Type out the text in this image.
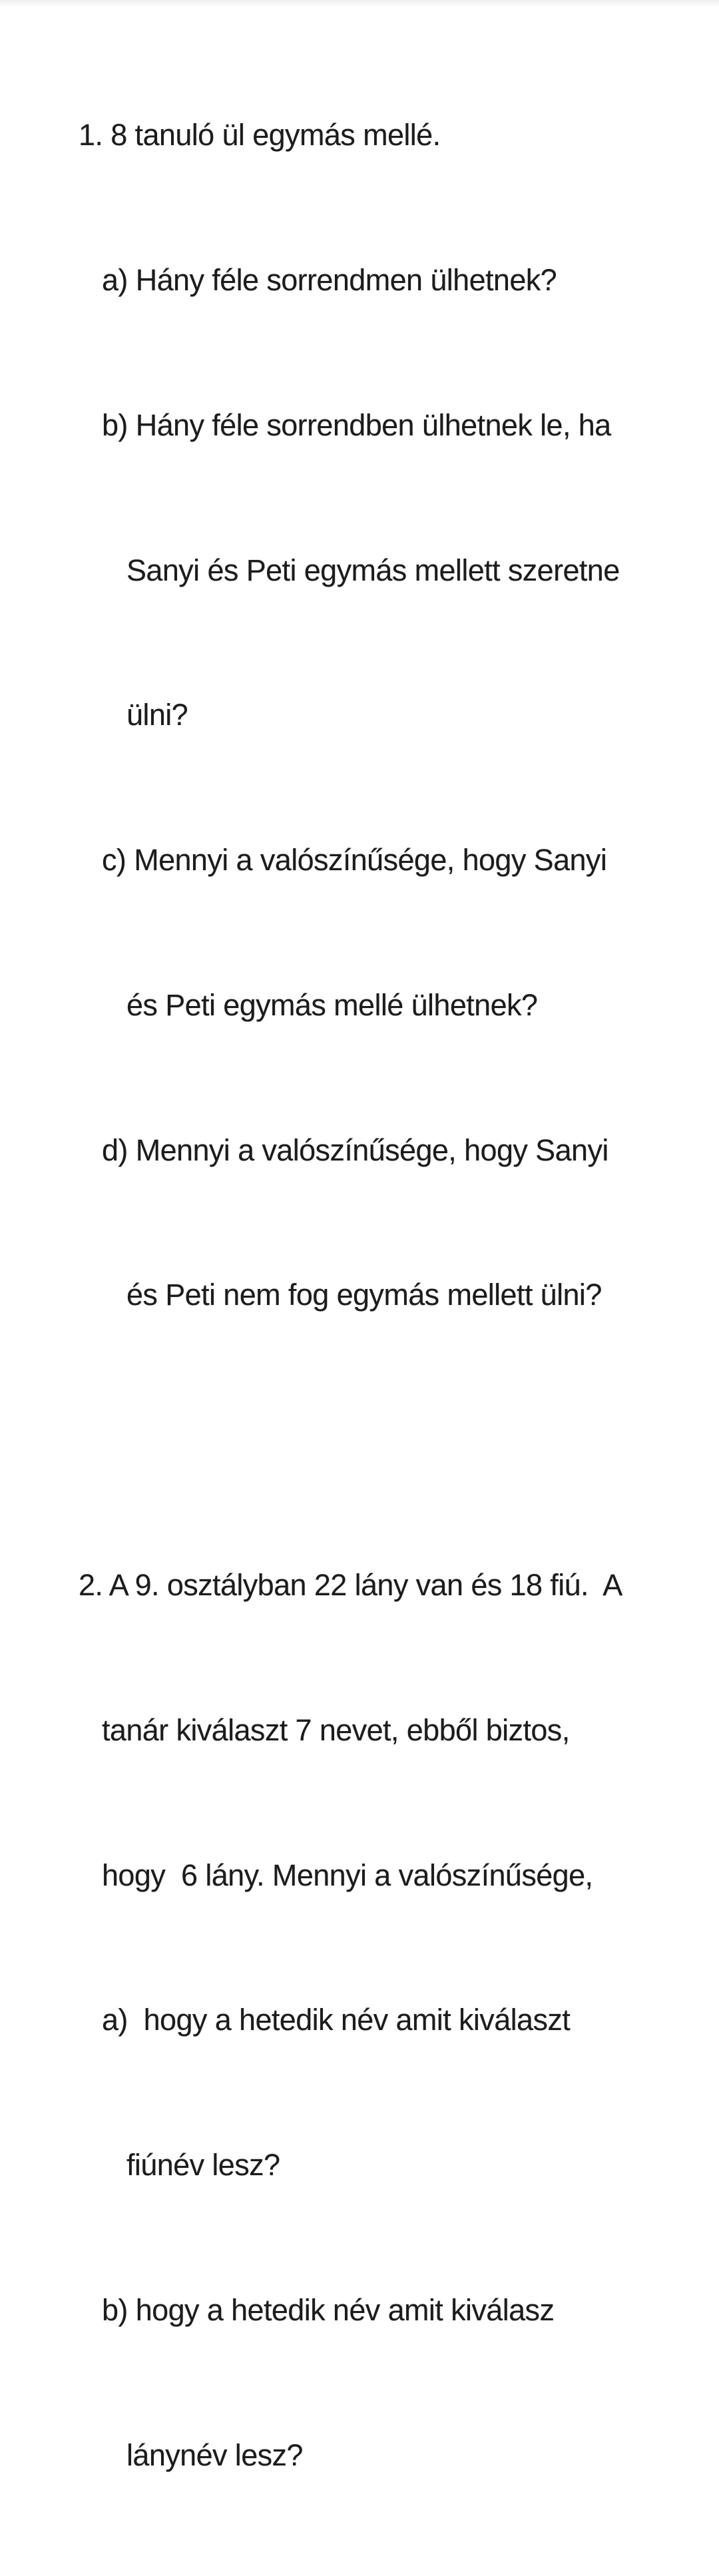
1. 8 tanuló ül egymás mellé.

a) Hány féle sorrendmen ülhetnek?

b) Hány féle sorrendben ülhetnek le, ha

Sanyi és Peti egymás mellett szeretne

ülni?

c) Mennyi a valószínűsége, hogy Sanyi

és Peti egymás mellé ülhetnek?

d) Mennyi a valószínűsége, hogy Sanyi

és Peti nem fog egymás mellett ülni?

2. A 9. osztályban 22 lány van és 18 fiú.  A

tanár kiválaszt 7 nevet, ebből biztos,

hogy  6 lány. Mennyi a valószínűsége,

a)  hogy a hetedik név amit kiválaszt

fiúnév lesz?

b) hogy a hetedik név amit kiválasz

lánynév lesz?
